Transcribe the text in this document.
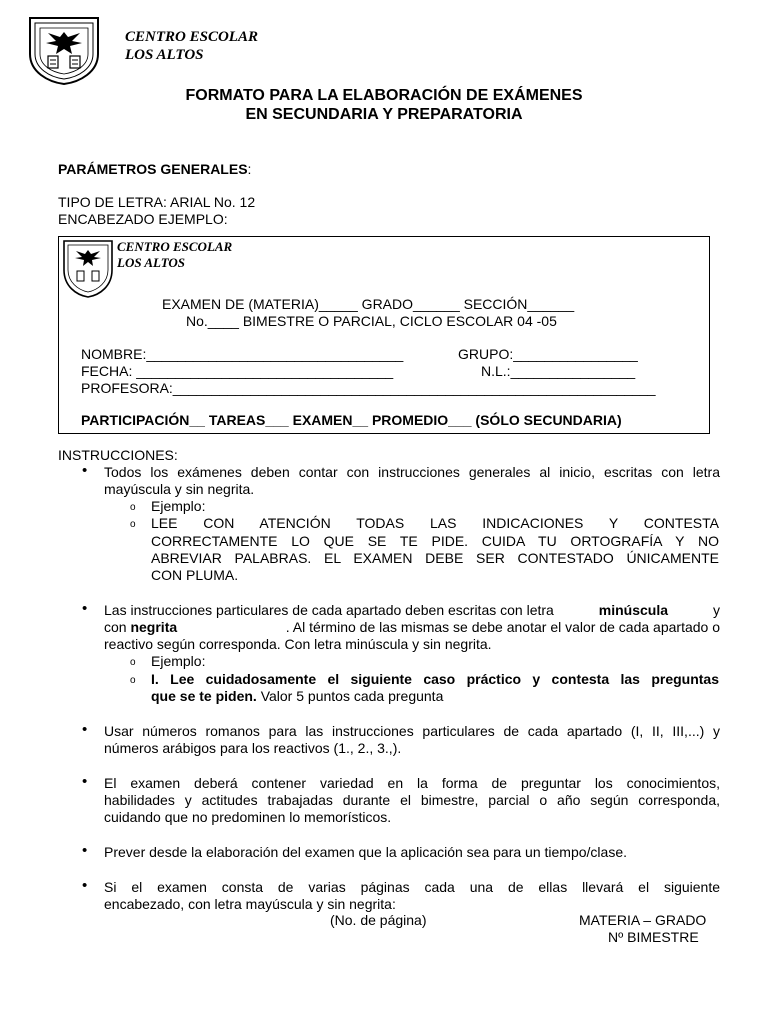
CENTRO ESCOLAR
LOS ALTOS
FORMATO PARA LA ELABORACIÓN DE EXÁMENES
EN SECUNDARIA Y PREPARATORIA
PARÁMETROS GENERALES:
TIPO DE LETRA: ARIAL No. 12
ENCABEZADO EJEMPLO:
CENTRO ESCOLAR
LOS ALTOS
EXAMEN DE (MATERIA)_____ GRADO______ SECCIÓN______
No.____ BIMESTRE O PARCIAL, CICLO ESCOLAR 04 -05
NOMBRE:_________________________________	GRUPO:________________
FECHA: _________________________________	N.L.:________________
PROFESORA:______________________________________________________________
PARTICIPACIÓN__ TAREAS___ EXAMEN__ PROMEDIO___ (SÓLO SECUNDARIA)
INSTRUCCIONES:
• Todos los exámenes deben contar con instrucciones generales al inicio, escritas con letra
mayúscula y sin negrita.
o Ejemplo:
o LEE CON ATENCIÓN TODAS LAS INDICACIONES Y CONTESTA
CORRECTAMENTE LO QUE SE TE PIDE. CUIDA TU ORTOGRAFÍA Y NO
ABREVIAR PALABRAS. EL EXAMEN DEBE SER CONTESTADO ÚNICAMENTE
CON PLUMA.
• Las instrucciones particulares de cada apartado deben escritas con letra	minúscula	y
con negrita	. Al término de las mismas se debe anotar el valor de cada apartado o
reactivo según corresponda. Con letra minúscula y sin negrita.
o Ejemplo:
o I. Lee cuidadosamente el siguiente caso práctico y contesta las preguntas
que se te piden. Valor 5 puntos cada pregunta
• Usar números romanos para las instrucciones particulares de cada apartado (I, II, III,...) y
números arábigos para los reactivos (1., 2., 3.,).
• El examen deberá contener variedad en la forma de preguntar los conocimientos,
habilidades y actitudes trabajadas durante el bimestre, parcial o año según corresponda,
cuidando que no predominen lo memorísticos.
• Prever desde la elaboración del examen que la aplicación sea para un tiempo/clase.
• Si el examen consta de varias páginas cada una de ellas llevará el siguiente
encabezado, con letra mayúscula y sin negrita:
(No. de página)	MATERIA – GRADO
Nº BIMESTRE
